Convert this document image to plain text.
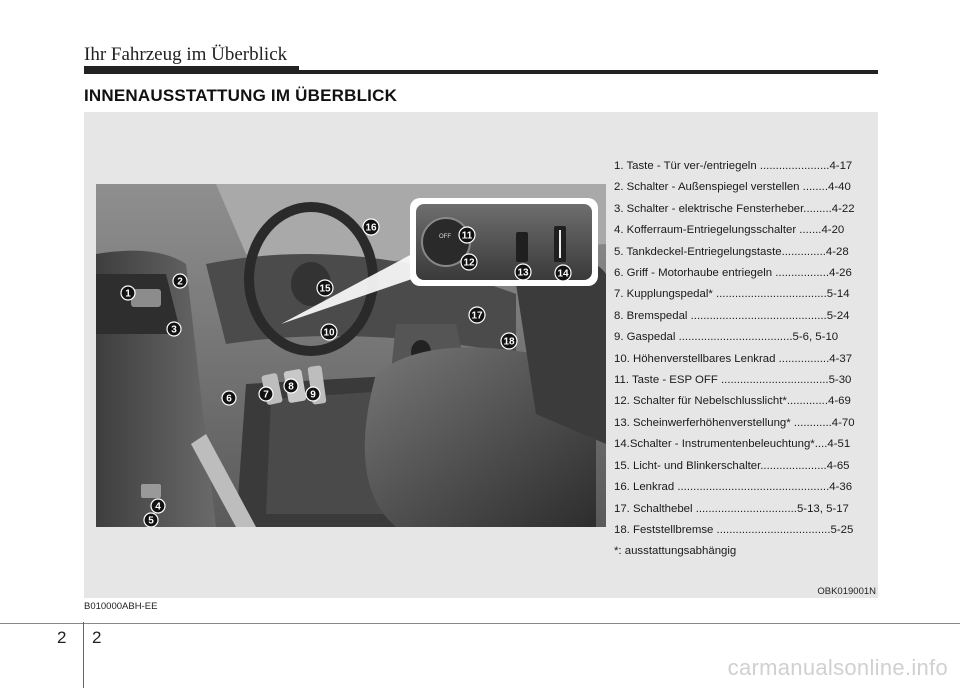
Ihr Fahrzeug im Überblick
INNENAUSSTATTUNG IM ÜBERBLICK
OFF
1
2
3
4
5
6	7
8
9
10
11
12
13	14
15
16
17
18
1. Taste - Tür ver-/entriegeln ......................4-17
2. Schalter - Außenspiegel verstellen ........4-40
3. Schalter - elektrische Fensterheber.........4-22
4. Kofferraum-Entriegelungsschalter .......4-20
5. Tankdeckel-Entriegelungstaste..............4-28
6. Griff - Motorhaube entriegeln .................4-26
7. Kupplungspedal* ...................................5-14
8. Bremspedal ...........................................5-24
9. Gaspedal ....................................5-6, 5-10
10. Höhenverstellbares Lenkrad ................4-37
11. Taste - ESP OFF ..................................5-30
12. Schalter für Nebelschlusslicht*.............4-69
13. Scheinwerferhöhenverstellung* ............4-70
14.Schalter - Instrumentenbeleuchtung*....4-51
15. Licht- und Blinkerschalter.....................4-65
16. Lenkrad ................................................4-36
17. Schalthebel ................................5-13, 5-17
18. Feststellbremse ....................................5-25
*: ausstattungsabhängig
OBK019001N
B010000ABH-EE
2 2
carmanualsonline.info
